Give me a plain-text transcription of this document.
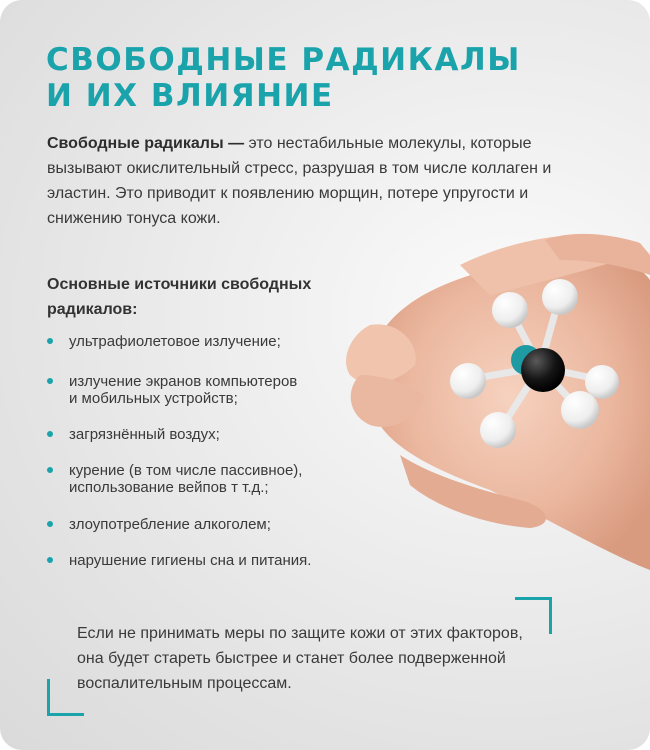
СВОБОДНЫЕ РАДИКАЛЫ
И ИХ ВЛИЯНИЕ

Свободные радикалы — это нестабильные молекулы, которые вызывают окислительный стресс, разрушая в том числе коллаген и эластин. Это приводит к появлению морщин, потере упругости и снижению тонуса кожи.

Основные источники свободных радикалов:

ультрафиолетовое излучение;
излучение экранов компьютеров
и мобильных устройств;
загрязнённый воздух;
курение (в том числе пассивное),
использование вейпов т т.д.;
злоупотребление алкоголем;
нарушение гигиены сна и питания.

Если не принимать меры по защите кожи от этих факторов, она будет стареть быстрее и станет более подверженной воспалительным процессам.
